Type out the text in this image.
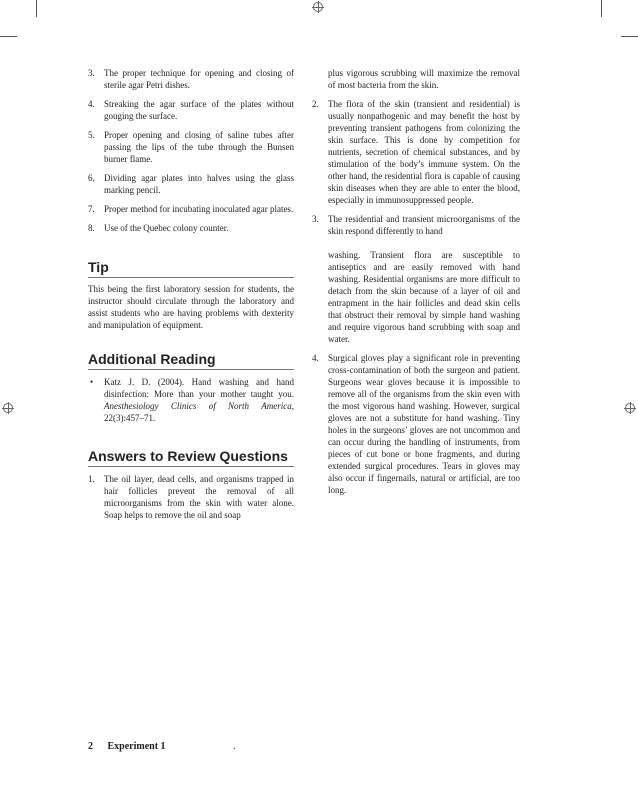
3. The proper technique for opening and closing of sterile agar Petri dishes.
4. Streaking the agar surface of the plates without gouging the surface.
5. Proper opening and closing of saline tubes after passing the lips of the tube through the Bunsen burner flame.
6. Dividing agar plates into halves using the glass marking pencil.
7. Proper method for incubating inoculated agar plates.
8. Use of the Quebec colony counter.
Tip

This being the first laboratory session for students, the instructor should circulate through the laboratory and assist students who are having problems with dexterity and manipulation of equipment.

Additional Reading
• Katz J. D. (2004). Hand washing and hand disinfection: More than your mother taught you. Anesthesiology Clinics of North America, 22(3):457–71.
Answers to Review Questions
1. The oil layer, dead cells, and organisms trapped in hair follicles prevent the removal of all microorganisms from the skin with water alone. Soap helps to remove the oil and soap

plus vigorous scrubbing will maximize the removal of most bacteria from the skin.

2. The flora of the skin (transient and residential) is usually nonpathogenic and may benefit the host by preventing transient pathogens from colonizing the skin surface. This is done by competition for nutrients, secretion of chemical substances, and by stimulation of the body’s immune system. On the other hand, the residential flora is capable of causing skin diseases when they are able to enter the blood, especially in immunosuppressed people.
3. The residential and transient microorganisms of the skin respond differently to hand

washing. Transient flora are susceptible to antiseptics and are easily removed with hand washing. Residential organisms are more difficult to detach from the skin because of a layer of oil and entrapment in the hair follicles and dead skin cells that obstruct their removal by simple hand washing and require vigorous hand scrubbing with soap and water.

4. Surgical gloves play a significant role in preventing cross-contamination of both the surgeon and patient. Surgeons wear gloves because it is impossible to remove all of the organisms from the skin even with the most vigorous hand washing. However, surgical gloves are not a substitute for hand washing. Tiny holes in the surgeons’ gloves are not uncommon and can occur during the handling of instruments, from pieces of cut bone or bone fragments, and during extended surgical procedures. Tears in gloves may also occur if fingernails, natural or artificial, are too long.
2 Experiment 1	.
